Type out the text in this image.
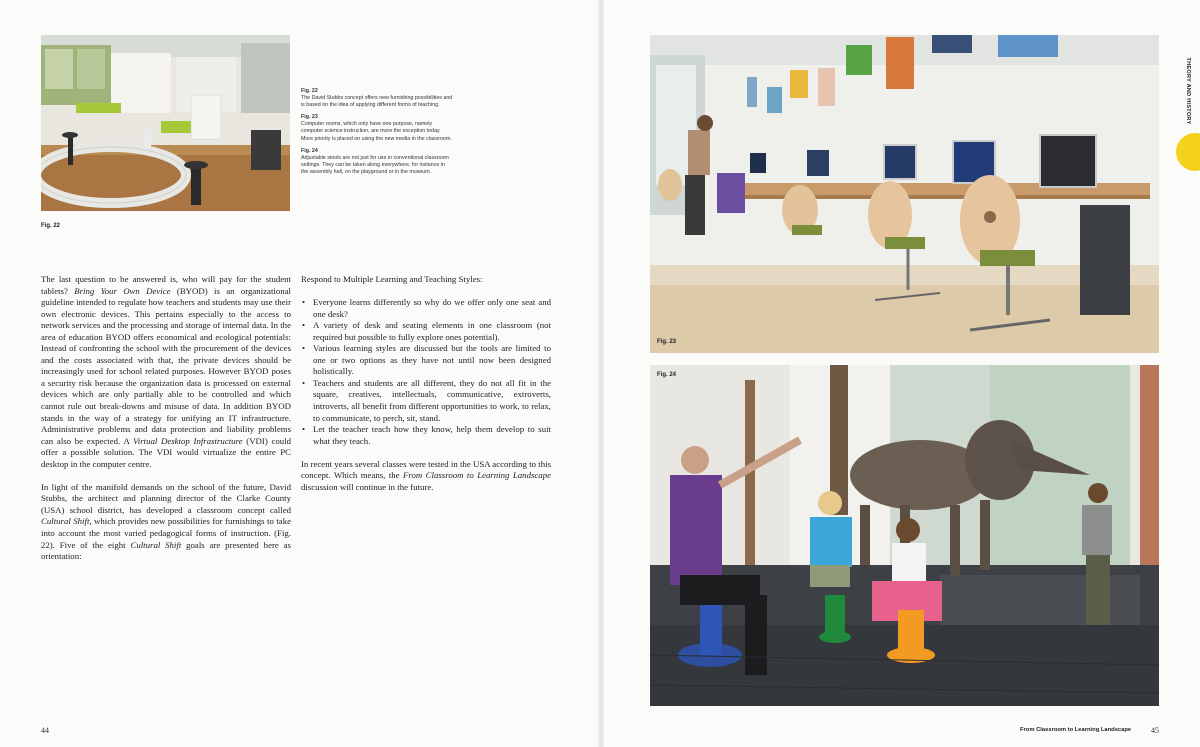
Fig. 22
Fig. 22
The David Stubbs concept offers new furnishing possibilities and is based on the idea of applying different forms of teaching.
Fig. 23
Computer rooms, which only have one purpose, namely computer science instruction, are more the exception today. More priority is placed on using the new media in the classroom.
Fig. 24
Adjustable stools are not just for use in conventional classroom settings. They can be taken along everywhere, for instance in the assembly hall, on the playground or in the museum.

The last question to be answered is, who will pay for the student tablets? Bring Your Own Device (BYOD) is an organizational guideline intended to regulate how teachers and students may use their own electronic devices. This pertains especially to the access to network services and the processing and storage of internal data. In the area of education BYOD offers economical and ecological potentials: Instead of confronting the school with the procurement of the devices and the costs associated with that, the private devices should be increasingly used for school related purposes. However BYOD poses a security risk because the organization data is processed on external devices which are only partially able to be controlled and which cannot rule out break-downs and misuse of data. In addition BYOD stands in the way of a strategy for unifying an IT infrastructure. Administrative problems and data protection and liability problems can also be expected. A Virtual Desktop Infrastructure (VDI) could offer a possible solution. The VDI would virtualize the entire PC desktop in the computer centre.

In light of the manifold demands on the school of the future, David Stubbs, the architect and planning director of the Clarke County (USA) school district, has developed a classroom concept called Cultural Shift, which provides new possibilities for furnishings to take into account the most varied pedagogical forms of instruction. (Fig. 22). Five of the eight Cultural Shift goals are presented here as orientation:

Respond to Multiple Learning and Teaching Styles:

• Everyone learns differently so why do we offer only one seat and one desk?
• A variety of desk and seating elements in one classroom (not required but possible to fully explore ones potential).
• Various learning styles are discussed but the tools are limited to one or two options as they have not until now been designed holistically.
• Teachers and students are all different, they do not all fit in the square, creatives, intellectuals, communicative, extroverts, introverts, all benefit from different opportunities to work, to relax, to communicate, to perch, sit, stand.
• Let the teacher teach how they know, help them develop to suit what they teach.

In recent years several classes were tested in the USA according to this concept. Which means, the From Classroom to Learning Landscape discussion will continue in the future.

Fig. 23
Fig. 24
THEORY AND HISTORY
44	From Classroom to Learning Landscape 45
